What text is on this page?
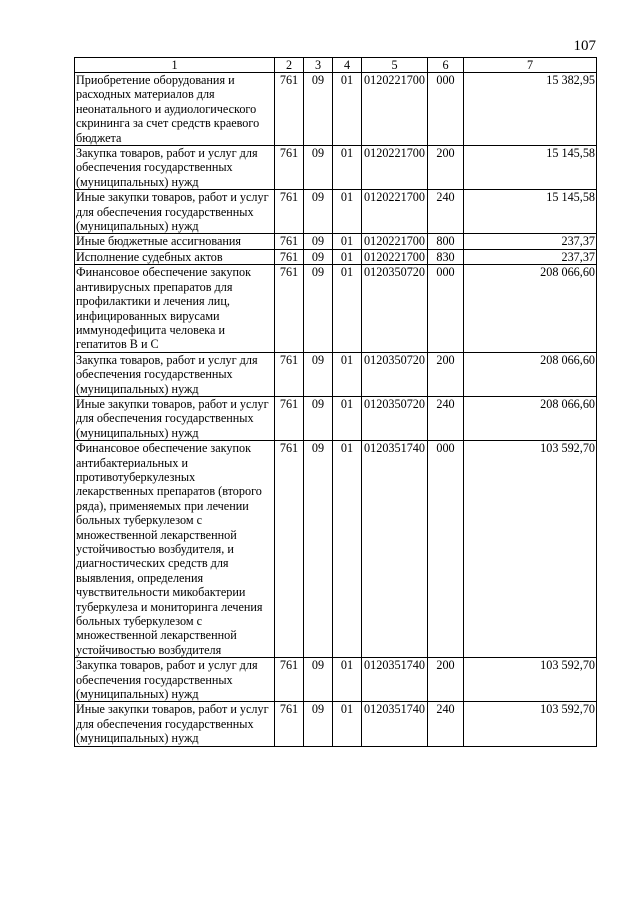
107
1	2	3	4	5	6	7
Приобретение оборудования и расходных материалов для неонатального и аудиологического скрининга за счет средств краевого бюджета	761	09	01	0120221700	000	15 382,95
Закупка товаров, работ и услуг для обеспечения государственных (муниципальных) нужд	761	09	01	0120221700	200	15 145,58
Иные закупки товаров, работ и услуг для обеспечения государственных (муниципальных) нужд	761	09	01	0120221700	240	15 145,58
Иные бюджетные ассигнования	761	09	01	0120221700	800	237,37
Исполнение судебных актов	761	09	01	0120221700	830	237,37
Финансовое обеспечение закупок антивирусных препаратов для профилактики и лечения лиц, инфицированных вирусами иммунодефицита человека и гепатитов В и С	761	09	01	0120350720	000	208 066,60
Закупка товаров, работ и услуг для обеспечения государственных (муниципальных) нужд	761	09	01	0120350720	200	208 066,60
Иные закупки товаров, работ и услуг для обеспечения государственных (муниципальных) нужд	761	09	01	0120350720	240	208 066,60
Финансовое обеспечение закупок антибактериальных и противотуберкулезных лекарственных препаратов (второго ряда), применяемых при лечении больных туберкулезом с множественной лекарственной устойчивостью возбудителя, и диагностических средств для выявления, определения чувствительности микобактерии туберкулеза и мониторинга лечения больных туберкулезом с множественной лекарственной устойчивостью возбудителя	761	09	01	0120351740	000	103 592,70
Закупка товаров, работ и услуг для обеспечения государственных (муниципальных) нужд	761	09	01	0120351740	200	103 592,70
Иные закупки товаров, работ и услуг для обеспечения государственных (муниципальных) нужд	761	09	01	0120351740	240	103 592,70
